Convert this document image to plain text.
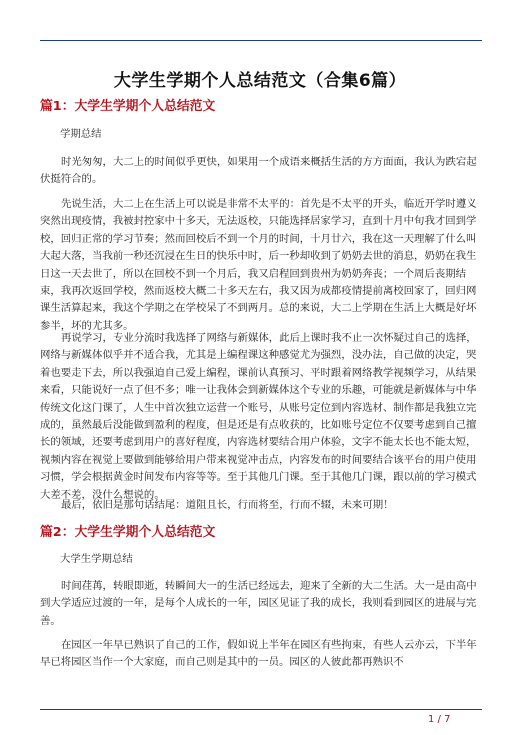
大学生学期个人总结范文（合集6篇）
篇1：大学生学期个人总结范文
学期总结
时光匆匆，大二上的时间似乎更快，如果用一个成语来概括生活的方方面面，我认为跌宕起伏挺符合的。
先说生活，大二上在生活上可以说是非常不太平的：首先是不太平的开头，临近开学时遵义突然出现疫情，我被封控家中十多天，无法返校，只能选择居家学习，直到十月中旬我才回到学校，回归正常的学习节奏；然而回校后不到一个月的时间，十月廿六，我在这一天理解了什么叫大起大落，当我前一秒还沉浸在生日的快乐中时，后一秒却收到了奶奶去世的消息，奶奶在我生日这一天去世了，所以在回校不到一个月后，我又启程回到贵州为奶奶奔丧；一个周后丧期结束，我再次返回学校，然而返校大概二十多天左右，我又因为成都疫情提前离校回家了，回归网课生活算起来，我这个学期之在学校呆了不到两月。总的来说，大二上学期在生活上大概是好坏参半，坏的尤其多。
再说学习，专业分流时我选择了网络与新媒体，此后上课时我不止一次怀疑过自己的选择，网络与新媒体似乎并不适合我，尤其是上编程课这种感觉尤为强烈，没办法，自己做的决定，哭着也要走下去，所以我强迫自己爱上编程，课前认真预习、平时跟着网络教学视频学习，从结果来看，只能说好一点了但不多；唯一让我体会到新媒体这个专业的乐趣，可能就是新媒体与中华传统文化这门课了，人生中首次独立运营一个账号，从账号定位到内容选材、制作都是我独立完成的，虽然最后没能做到盈利的程度，但是还是有点收获的，比如账号定位不仅要考虑到自己擅长的领域，还要考虑到用户的喜好程度，内容选材要结合用户体验，文字不能太长也不能太短，视频内容在视觉上要做到能够给用户带来视觉冲击点，内容发布的时间要结合该平台的用户使用习惯，学会根据黄金时间发布内容等等。至于其他几门课。至于其他几门课，跟以前的学习模式大差不差，没什么想说的。
最后，依旧是那句话结尾：道阻且长，行而将至，行而不辍，未来可期！
篇2：大学生学期个人总结范文
大学生学期总结
时间荏苒，转眼即逝，转瞬间大一的生活已经远去，迎来了全新的大二生活。大一是由高中到大学适应过渡的一年，是每个人成长的一年，园区见证了我的成长，我则看到园区的进展与完善。
在园区一年早已熟识了自己的工作，假如说上半年在园区有些拘束，有些人云亦云，下半年早已将园区当作一个大家庭，而自己则是其中的一员。园区的人彼此都再熟识不
1 / 7
